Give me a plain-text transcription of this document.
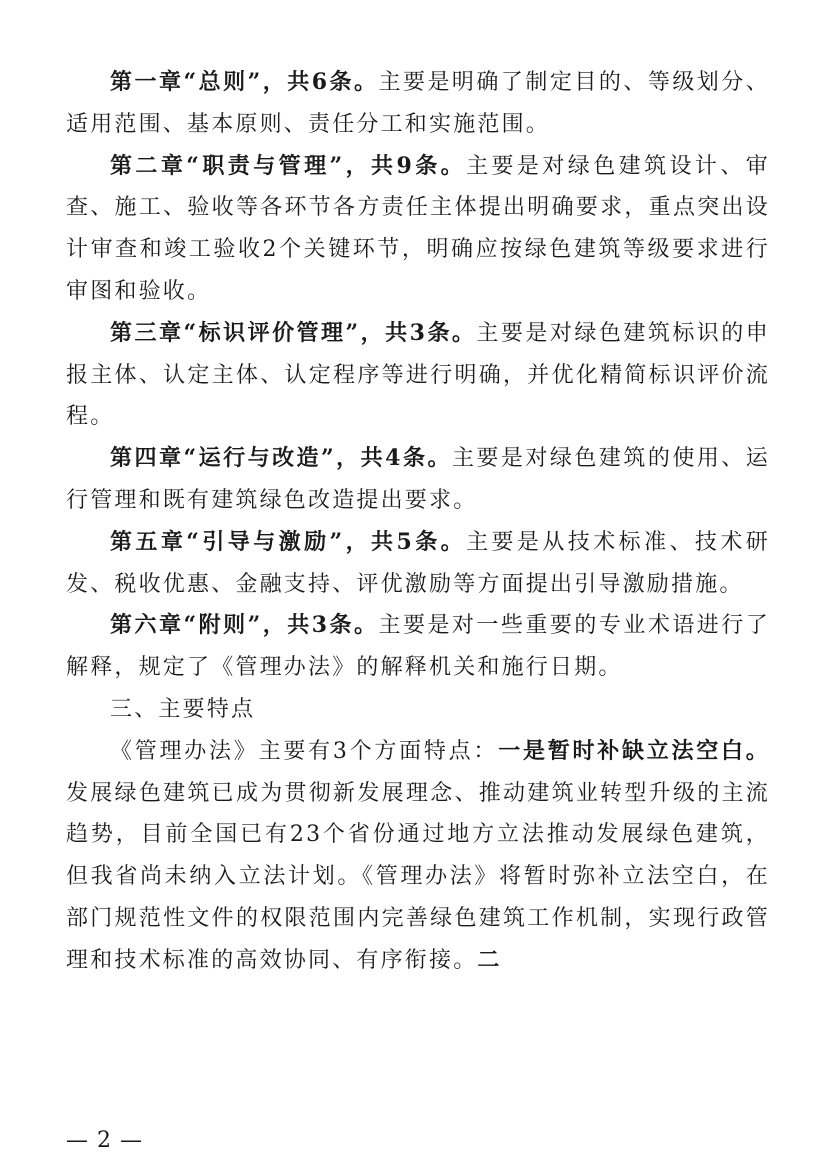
第一章“总则”，共6条。主要是明确了制定目的、等级划分、适用范围、基本原则、责任分工和实施范围。

第二章“职责与管理”，共9条。主要是对绿色建筑设计、审查、施工、验收等各环节各方责任主体提出明确要求，重点突出设计审查和竣工验收2个关键环节，明确应按绿色建筑等级要求进行审图和验收。

第三章“标识评价管理”，共3条。主要是对绿色建筑标识的申报主体、认定主体、认定程序等进行明确，并优化精简标识评价流程。

第四章“运行与改造”，共4条。主要是对绿色建筑的使用、运行管理和既有建筑绿色改造提出要求。

第五章“引导与激励”，共5条。主要是从技术标准、技术研发、税收优惠、金融支持、评优激励等方面提出引导激励措施。

第六章“附则”，共3条。主要是对一些重要的专业术语进行了解释，规定了《管理办法》的解释机关和施行日期。

三、主要特点

《管理办法》主要有3个方面特点：一是暂时补缺立法空白。发展绿色建筑已成为贯彻新发展理念、推动建筑业转型升级的主流趋势，目前全国已有23个省份通过地方立法推动发展绿色建筑，但我省尚未纳入立法计划。《管理办法》将暂时弥补立法空白，在部门规范性文件的权限范围内完善绿色建筑工作机制，实现行政管理和技术标准的高效协同、有序衔接。二

— 2 —
